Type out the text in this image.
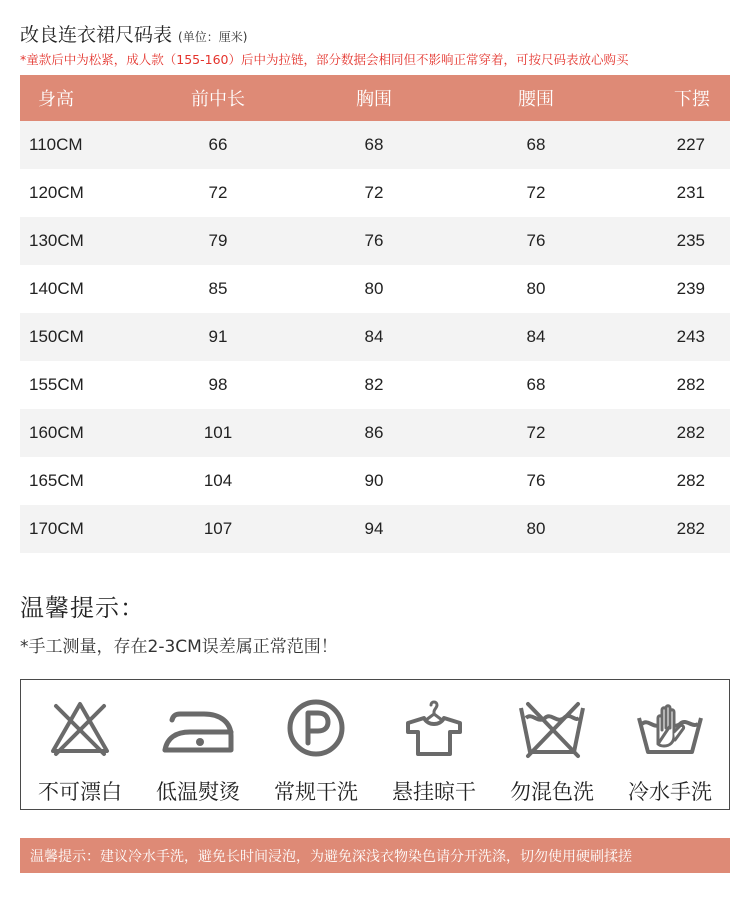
改良连衣裙尺码表 (单位：厘米)
*童款后中为松紧，成人款（155-160）后中为拉链，部分数据会相同但不影响正常穿着，可按尺码表放心购买
身高	前中长	胸围	腰围	下摆
110CM	66	68	68	227
120CM	72	72	72	231
130CM	79	76	76	235
140CM	85	80	80	239
150CM	91	84	84	243
155CM	98	82	68	282
160CM	101	86	72	282
165CM	104	90	76	282
170CM	107	94	80	282
温馨提示：
*手工测量，存在2-3CM误差属正常范围！
不可漂白 低温熨烫 常规干洗 悬挂晾干 勿混色洗 冷水手洗
温馨提示：建议冷水手洗，避免长时间浸泡，为避免深浅衣物染色请分开洗涤，切勿使用硬刷揉搓
